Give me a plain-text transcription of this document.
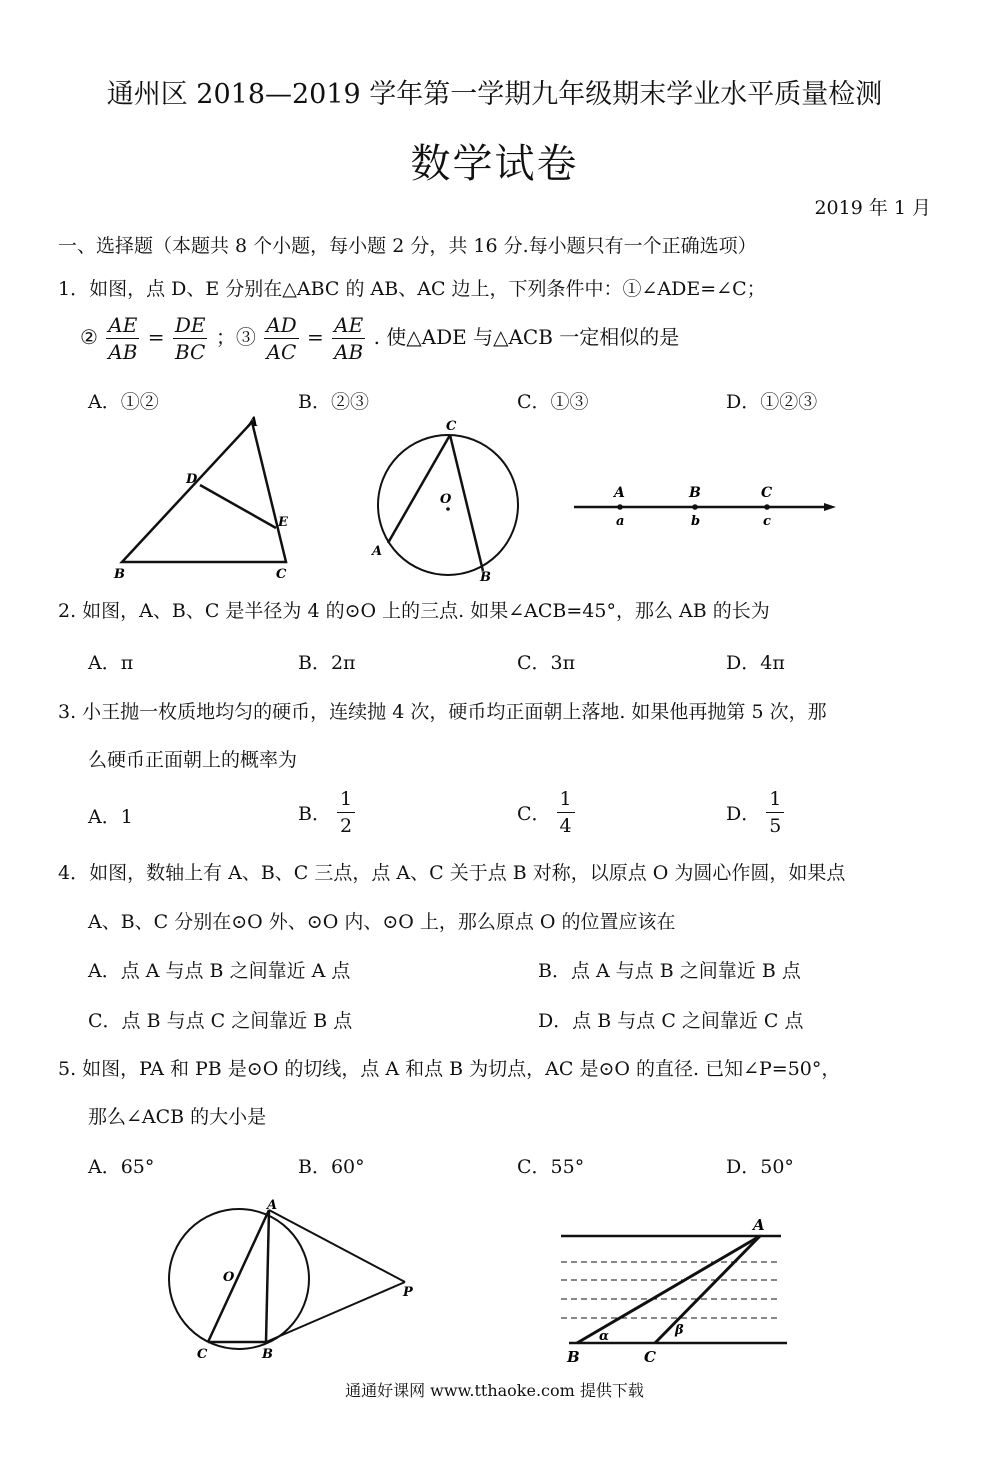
通州区 2018—2019 学年第一学期九年级期末学业水平质量检测
数学试卷
2019 年 1 月
一、选择题（本题共 8 个小题，每小题 2 分，共 16 分.每小题只有一个正确选项）
1．如图，点 D、E 分别在△ABC 的 AB、AC 边上，下列条件中：①∠ADE=∠C；
② $\frac{AE}{AB} = \frac{DE}{BC}$ ；③ $\frac{AD}{AC} = \frac{AE}{AB}$ . 使△ADE 与△ACB 一定相似的是
A．①②	B．②③	C．①③	D．①②③
A
B	C
D
E
C
O
A
B
A	B	C
a	b	c
2. 如图，A、B、C 是半径为 4 的⊙O 上的三点. 如果∠ACB=45°，那么 AB 的长为
A．π	B．2π	C．3π	D．4π
3. 小王抛一枚质地均匀的硬币，连续抛 4 次，硬币均正面朝上落地. 如果他再抛第 5 次，那
么硬币正面朝上的概率为
A．1	B． $\frac{1}{2}$	C． $\frac{1}{4}$	D． $\frac{1}{5}$
4．如图，数轴上有 A、B、C 三点，点 A、C 关于点 B 对称，以原点 O 为圆心作圆，如果点
A、B、C 分别在⊙O 外、⊙O 内、⊙O 上，那么原点 O 的位置应该在
A．点 A 与点 B 之间靠近 A 点	B．点 A 与点 B 之间靠近 B 点
C．点 B 与点 C 之间靠近 B 点	D．点 B 与点 C 之间靠近 C 点
5. 如图，PA 和 PB 是⊙O 的切线，点 A 和点 B 为切点，AC 是⊙O 的直径. 已知∠P=50°，
那么∠ACB 的大小是
A．65°	B．60°	C．55°	D．50°
A
O
P
C	B
A
α	β
B	C
通通好课网 www.tthaoke.com 提供下载
